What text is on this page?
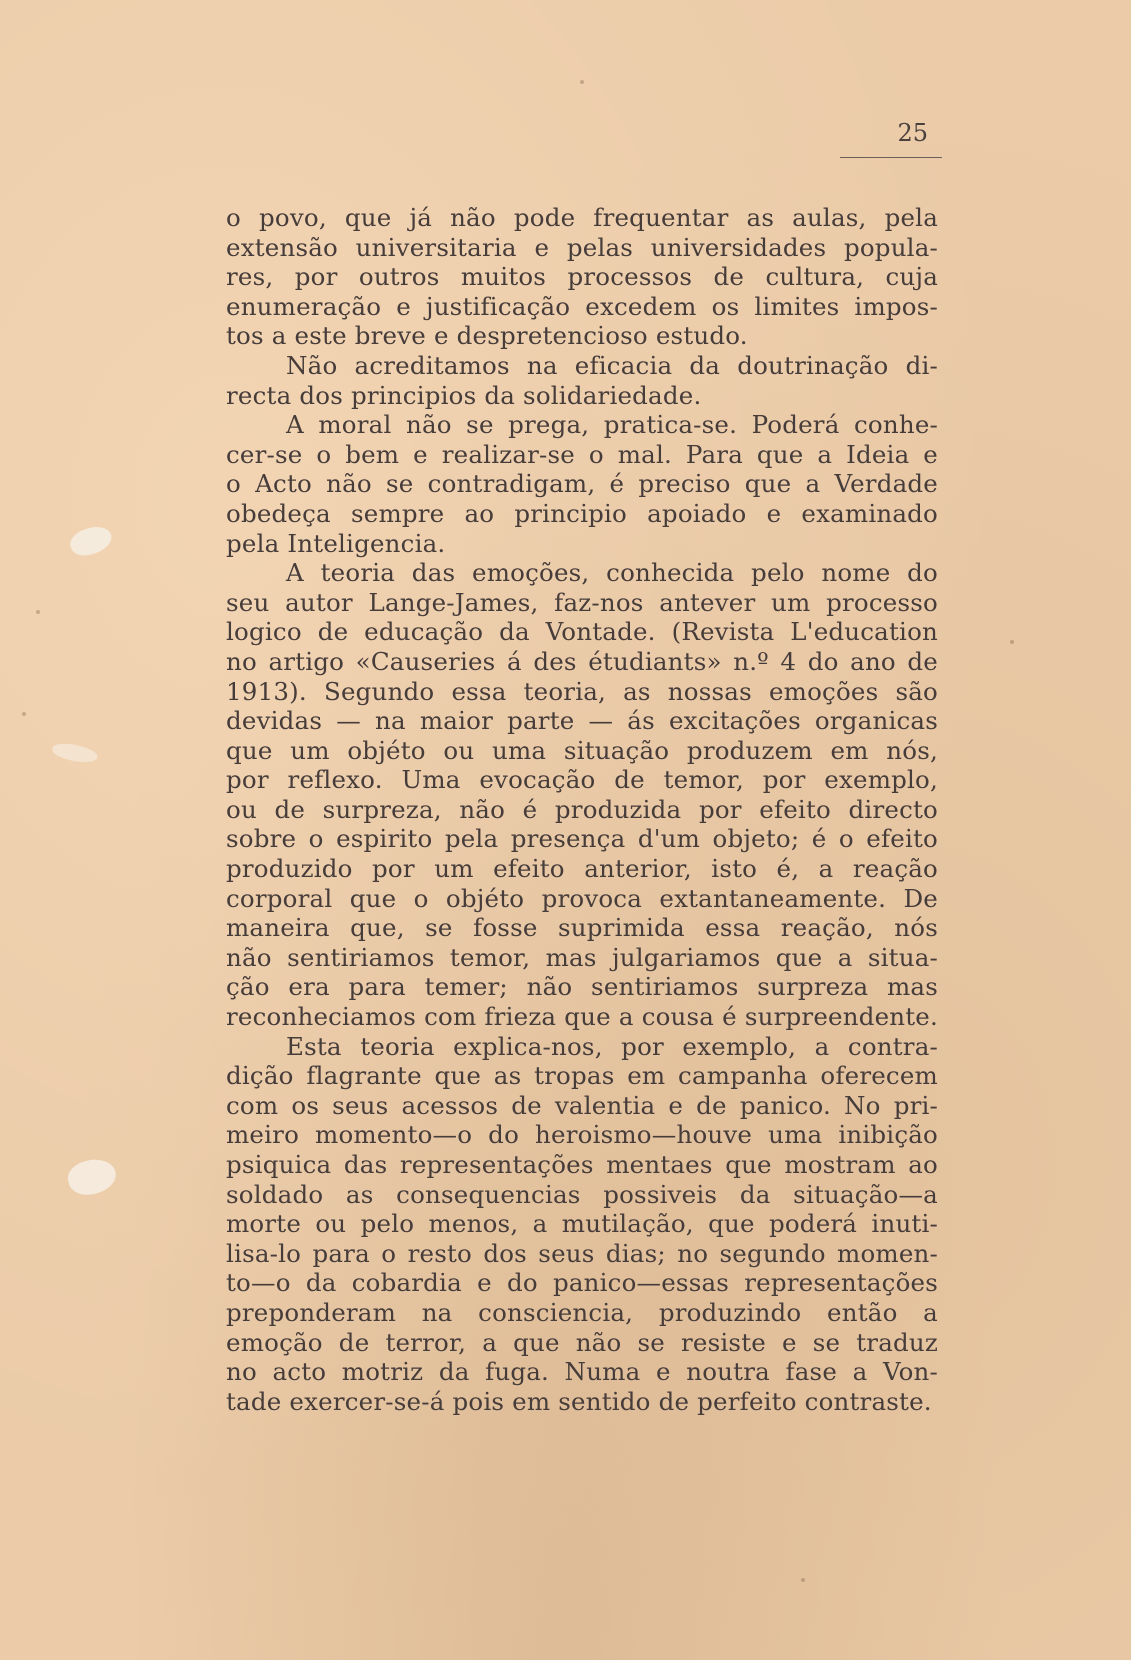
25
o povo, que já não pode frequentar as aulas, pela
extensão universitaria e pelas universidades popula-
res, por outros muitos processos de cultura, cuja
enumeração e justificação excedem os limites impos-
tos a este breve e despretencioso estudo.
Não acreditamos na eficacia da doutrinação di-
recta dos principios da solidariedade.
A moral não se prega, pratica-se. Poderá conhe-
cer-se o bem e realizar-se o mal. Para que a Ideia e
o Acto não se contradigam, é preciso que a Verdade
obedeça sempre ao principio apoiado e examinado
pela Inteligencia.
A teoria das emoções, conhecida pelo nome do
seu autor Lange-James, faz-nos antever um processo
logico de educação da Vontade. (Revista L'education
no artigo «Causeries á des étudiants» n.º 4 do ano de
1913). Segundo essa teoria, as nossas emoções são
devidas — na maior parte — ás excitações organicas
que um objéto ou uma situação produzem em nós,
por reflexo. Uma evocação de temor, por exemplo,
ou de surpreza, não é produzida por efeito directo
sobre o espirito pela presença d'um objeto; é o efeito
produzido por um efeito anterior, isto é, a reação
corporal que o objéto provoca extantaneamente. De
maneira que, se fosse suprimida essa reação, nós
não sentiriamos temor, mas julgariamos que a situa-
ção era para temer; não sentiriamos surpreza mas
reconheciamos com frieza que a cousa é surpreendente.
Esta teoria explica-nos, por exemplo, a contra-
dição flagrante que as tropas em campanha oferecem
com os seus acessos de valentia e de panico. No pri-
meiro momento—o do heroismo—houve uma inibição
psiquica das representações mentaes que mostram ao
soldado as consequencias possiveis da situação—a
morte ou pelo menos, a mutilação, que poderá inuti-
lisa-lo para o resto dos seus dias; no segundo momen-
to—o da cobardia e do panico—essas representações
preponderam na consciencia, produzindo então a
emoção de terror, a que não se resiste e se traduz
no acto motriz da fuga. Numa e noutra fase a Von-
tade exercer-se-á pois em sentido de perfeito contraste.
